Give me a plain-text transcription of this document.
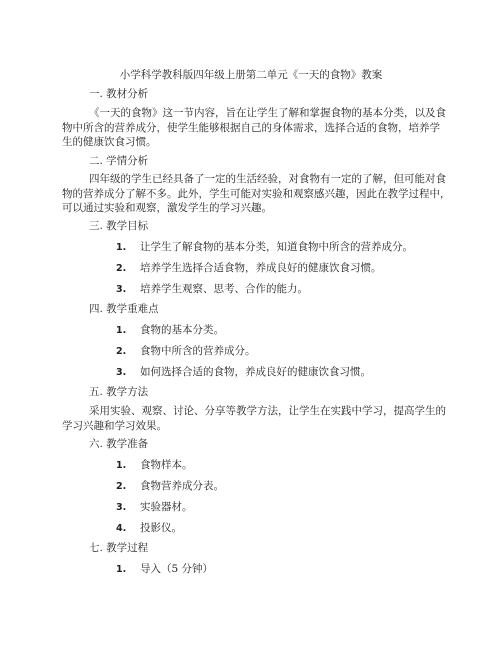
小学科学教科版四年级上册第二单元《一天的食物》教案
一. 教材分析
《一天的食物》这一节内容，旨在让学生了解和掌握食物的基本分类，以及食
物中所含的营养成分，使学生能够根据自己的身体需求，选择合适的食物，培养学
生的健康饮食习惯。
二. 学情分析
四年级的学生已经具备了一定的生活经验，对食物有一定的了解，但可能对食
物的营养成分了解不多。此外，学生可能对实验和观察感兴趣，因此在教学过程中，
可以通过实验和观察，激发学生的学习兴趣。
三. 教学目标
1. 让学生了解食物的基本分类，知道食物中所含的营养成分。
2. 培养学生选择合适食物，养成良好的健康饮食习惯。
3. 培养学生观察、思考、合作的能力。
四. 教学重难点
1. 食物的基本分类。
2. 食物中所含的营养成分。
3. 如何选择合适的食物，养成良好的健康饮食习惯。
五. 教学方法
采用实验、观察、讨论、分享等教学方法，让学生在实践中学习，提高学生的
学习兴趣和学习效果。
六. 教学准备
1. 食物样本。
2. 食物营养成分表。
3. 实验器材。
4. 投影仪。
七. 教学过程
1. 导入（5 分钟）
